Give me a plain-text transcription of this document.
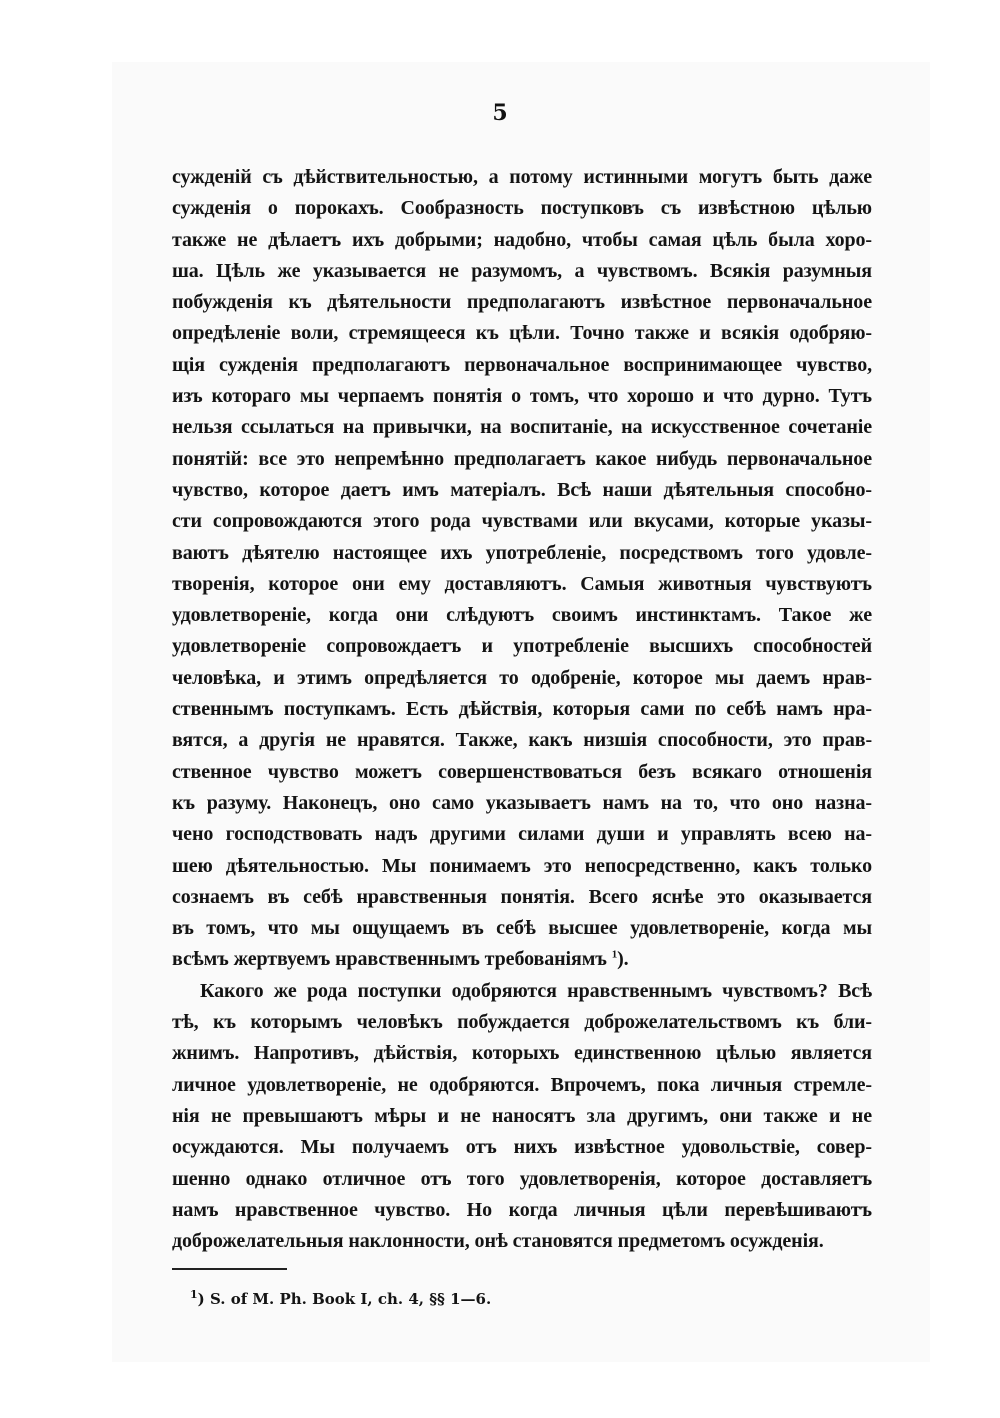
5
сужденій съ дѣйствительностью, а потому истинными могутъ быть даже
сужденія о порокахъ. Сообразность поступковъ съ извѣстною цѣлью
также не дѣлаетъ ихъ добрыми; надобно, чтобы самая цѣль была хоро-
ша. Цѣль же указывается не разумомъ, а чувствомъ. Всякія разумныя
побужденія къ дѣятельности предполагаютъ извѣстное первоначальное
опредѣленіе воли, стремящееся къ цѣли. Точно также и всякія одобряю-
щія сужденія предполагаютъ первоначальное воспринимающее чувство,
изъ котораго мы черпаемъ понятія о томъ, что хорошо и что дурно. Тутъ
нельзя ссылаться на привычки, на воспитаніе, на искусственное сочетаніе
понятій: все это непремѣнно предполагаетъ какое нибудь первоначальное
чувство, которое даетъ имъ матеріалъ. Всѣ наши дѣятельныя способно-
сти сопровождаются этого рода чувствами или вкусами, которые указы-
ваютъ дѣятелю настоящее ихъ употребленіе, посредствомъ того удовле-
творенія, которое они ему доставляютъ. Самыя животныя чувствуютъ
удовлетвореніе, когда они слѣдуютъ своимъ инстинктамъ. Такое же
удовлетвореніе сопровождаетъ и употребленіе высшихъ способностей
человѣка, и этимъ опредѣляется то одобреніе, которое мы даемъ нрав-
ственнымъ поступкамъ. Есть дѣйствія, которыя сами по себѣ намъ нра-
вятся, а другія не нравятся. Также, какъ низшія способности, это прав-
ственное чувство можетъ совершенствоваться безъ всякаго отношенія
къ разуму. Наконецъ, оно само указываетъ намъ на то, что оно назна-
чено господствовать надъ другими силами души и управлять всею на-
шею дѣятельностью. Мы понимаемъ это непосредственно, какъ только
сознаемъ въ себѣ нравственныя понятія. Всего яснѣе это оказывается
въ томъ, что мы ощущаемъ въ себѣ высшее удовлетвореніе, когда мы
всѣмъ жертвуемъ нравственнымъ требованіямъ $^1$).
Какого же рода поступки одобряются нравственнымъ чувствомъ? Всѣ
тѣ, къ которымъ человѣкъ побуждается доброжелательствомъ къ бли-
жнимъ. Напротивъ, дѣйствія, которыхъ единственною цѣлью является
личное удовлетвореніе, не одобряются. Впрочемъ, пока личныя стремле-
нія не превышаютъ мѣры и не наносятъ зла другимъ, они также и не
осуждаются. Мы получаемъ отъ нихъ извѣстное удовольствіе, совер-
шенно однако отличное отъ того удовлетворенія, которое доставляетъ
намъ нравственное чувство. Но когда личныя цѣли перевѣшиваютъ
доброжелательныя наклонности, онѣ становятся предметомъ осужденія.
$^1$) S. of M. Ph. Book I, ch. 4, §§ 1—6.
